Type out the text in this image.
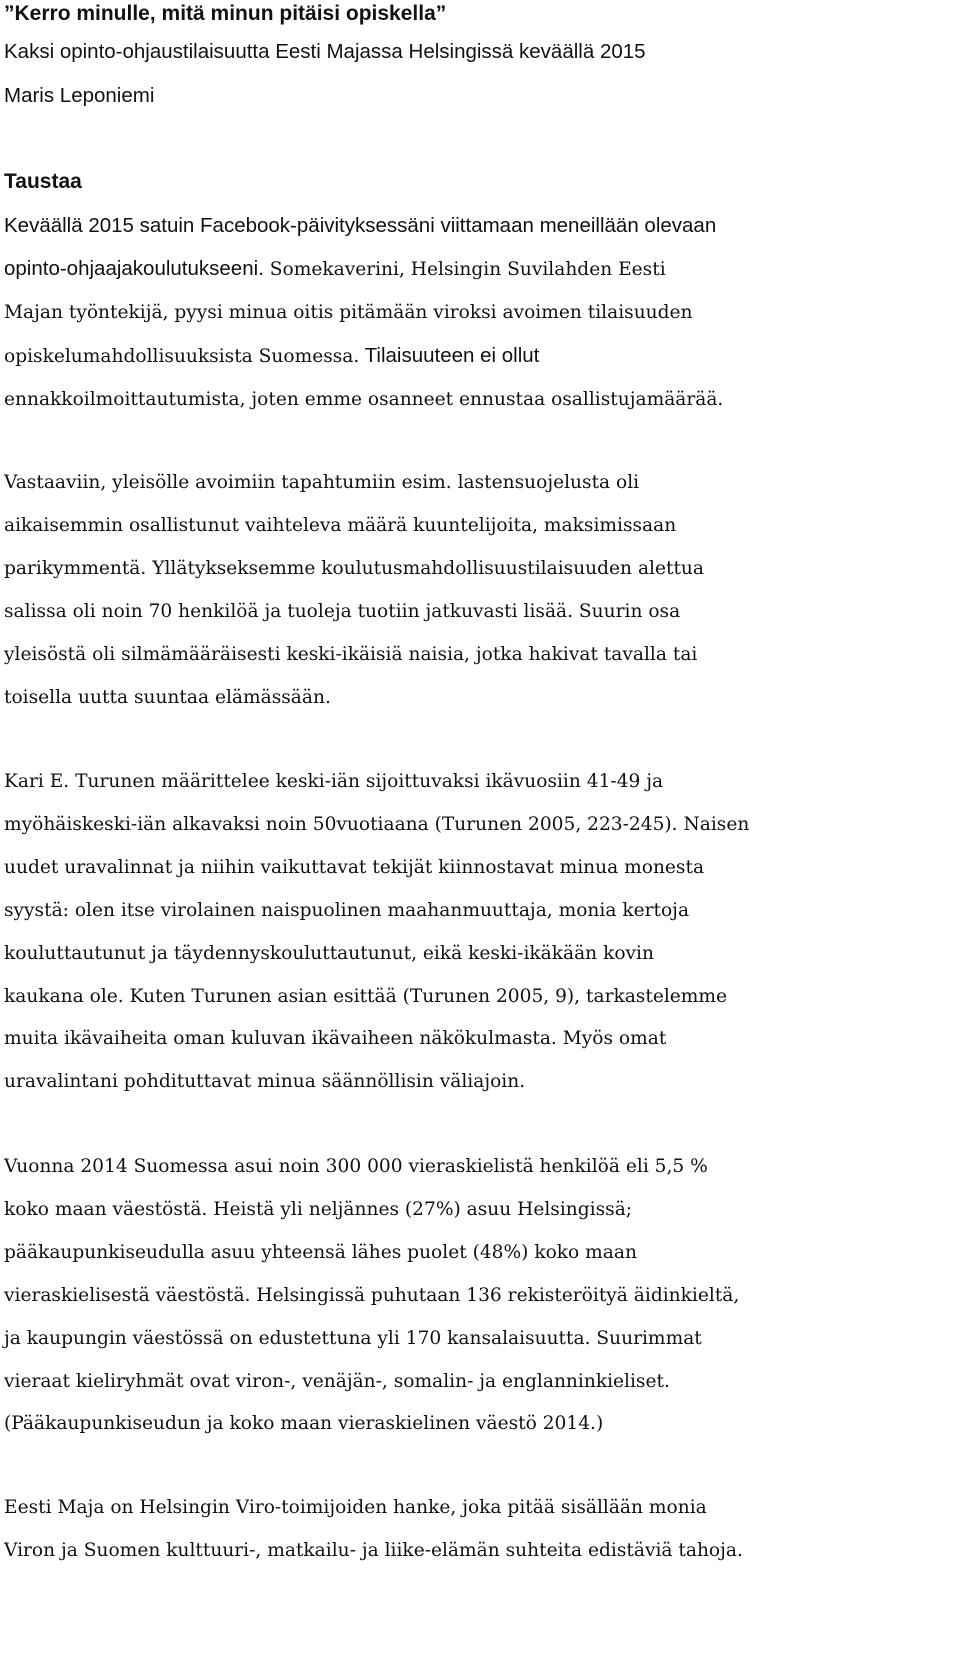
”Kerro minulle, mitä minun pitäisi opiskella”

Kaksi opinto-ohjaustilaisuutta Eesti Majassa Helsingissä keväällä 2015

Maris Leponiemi

Taustaa
Keväällä 2015 satuin Facebook-päivityksessäni viittamaan meneillään olevaan
opinto-ohjaajakoulutukseeni. Somekaverini, Helsingin Suvilahden Eesti
Majan työntekijä, pyysi minua oitis pitämään viroksi avoimen tilaisuuden
opiskelumahdollisuuksista Suomessa. Tilaisuuteen ei ollut
ennakkoilmoittautumista, joten emme osanneet ennustaa osallistujamäärää.
Vastaaviin, yleisölle avoimiin tapahtumiin esim. lastensuojelusta oli
aikaisemmin osallistunut vaihteleva määrä kuuntelijoita, maksimissaan
parikymmentä. Yllätykseksemme koulutusmahdollisuustilaisuuden alettua
salissa oli noin 70 henkilöä ja tuoleja tuotiin jatkuvasti lisää. Suurin osa
yleisöstä oli silmämääräisesti keski-ikäisiä naisia, jotka hakivat tavalla tai
toisella uutta suuntaa elämässään.
Kari E. Turunen määrittelee keski-iän sijoittuvaksi ikävuosiin 41-49 ja
myöhäiskeski-iän alkavaksi noin 50vuotiaana (Turunen 2005, 223-245). Naisen
uudet uravalinnat ja niihin vaikuttavat tekijät kiinnostavat minua monesta
syystä: olen itse virolainen naispuolinen maahanmuuttaja, monia kertoja
kouluttautunut ja täydennyskouluttautunut, eikä keski-ikäkään kovin
kaukana ole. Kuten Turunen asian esittää (Turunen 2005, 9), tarkastelemme
muita ikävaiheita oman kuluvan ikävaiheen näkökulmasta. Myös omat
uravalintani pohdituttavat minua säännöllisin väliajoin.
Vuonna 2014 Suomessa asui noin 300 000 vieraskielistä henkilöä eli 5,5 %
koko maan väestöstä. Heistä yli neljännes (27%) asuu Helsingissä;
pääkaupunkiseudulla asuu yhteensä lähes puolet (48%) koko maan
vieraskielisestä väestöstä. Helsingissä puhutaan 136 rekisteröityä äidinkieltä,
ja kaupungin väestössä on edustettuna yli 170 kansalaisuutta. Suurimmat
vieraat kieliryhmät ovat viron-, venäjän-, somalin- ja englanninkieliset.
(Pääkaupunkiseudun ja koko maan vieraskielinen väestö 2014.)
Eesti Maja on Helsingin Viro-toimijoiden hanke, joka pitää sisällään monia
Viron ja Suomen kulttuuri-, matkailu- ja liike-elämän suhteita edistäviä tahoja.
